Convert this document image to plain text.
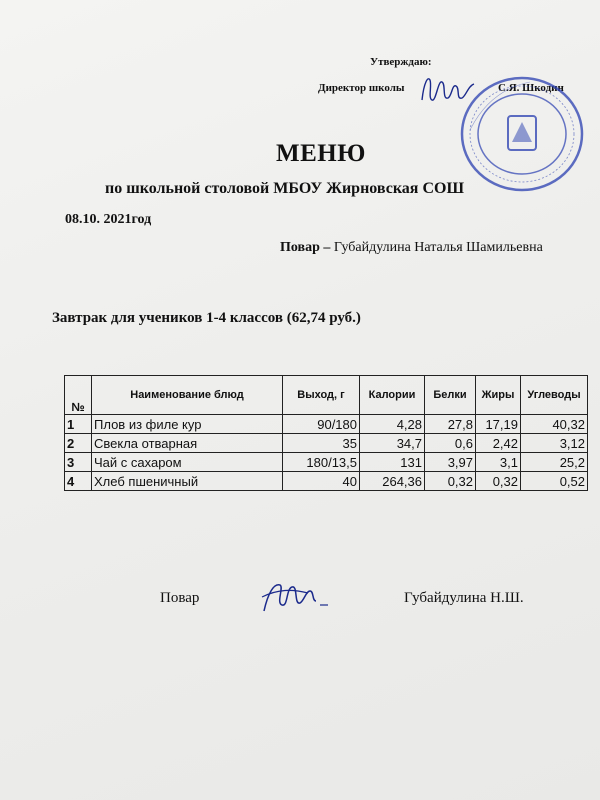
Утверждаю:
Директор школы	С.Я. Шкодин
МЕНЮ
по школьной столовой МБОУ Жирновская СОШ
08.10. 2021год
Повар – Губайдулина Наталья Шамильевна
Завтрак для учеников 1-4 классов (62,74 руб.)
№	Наименование блюд	Выход, г	Калории	Белки	Жиры	Углеводы
1	Плов из филе кур	90/180	4,28	27,8	17,19	40,32
2	Свекла отварная	35	34,7	0,6	2,42	3,12
3	Чай с сахаром	180/13,5	131	3,97	3,1	25,2
4	Хлеб пшеничный	40	264,36	0,32	0,32	0,52
Повар	Губайдулина Н.Ш.
